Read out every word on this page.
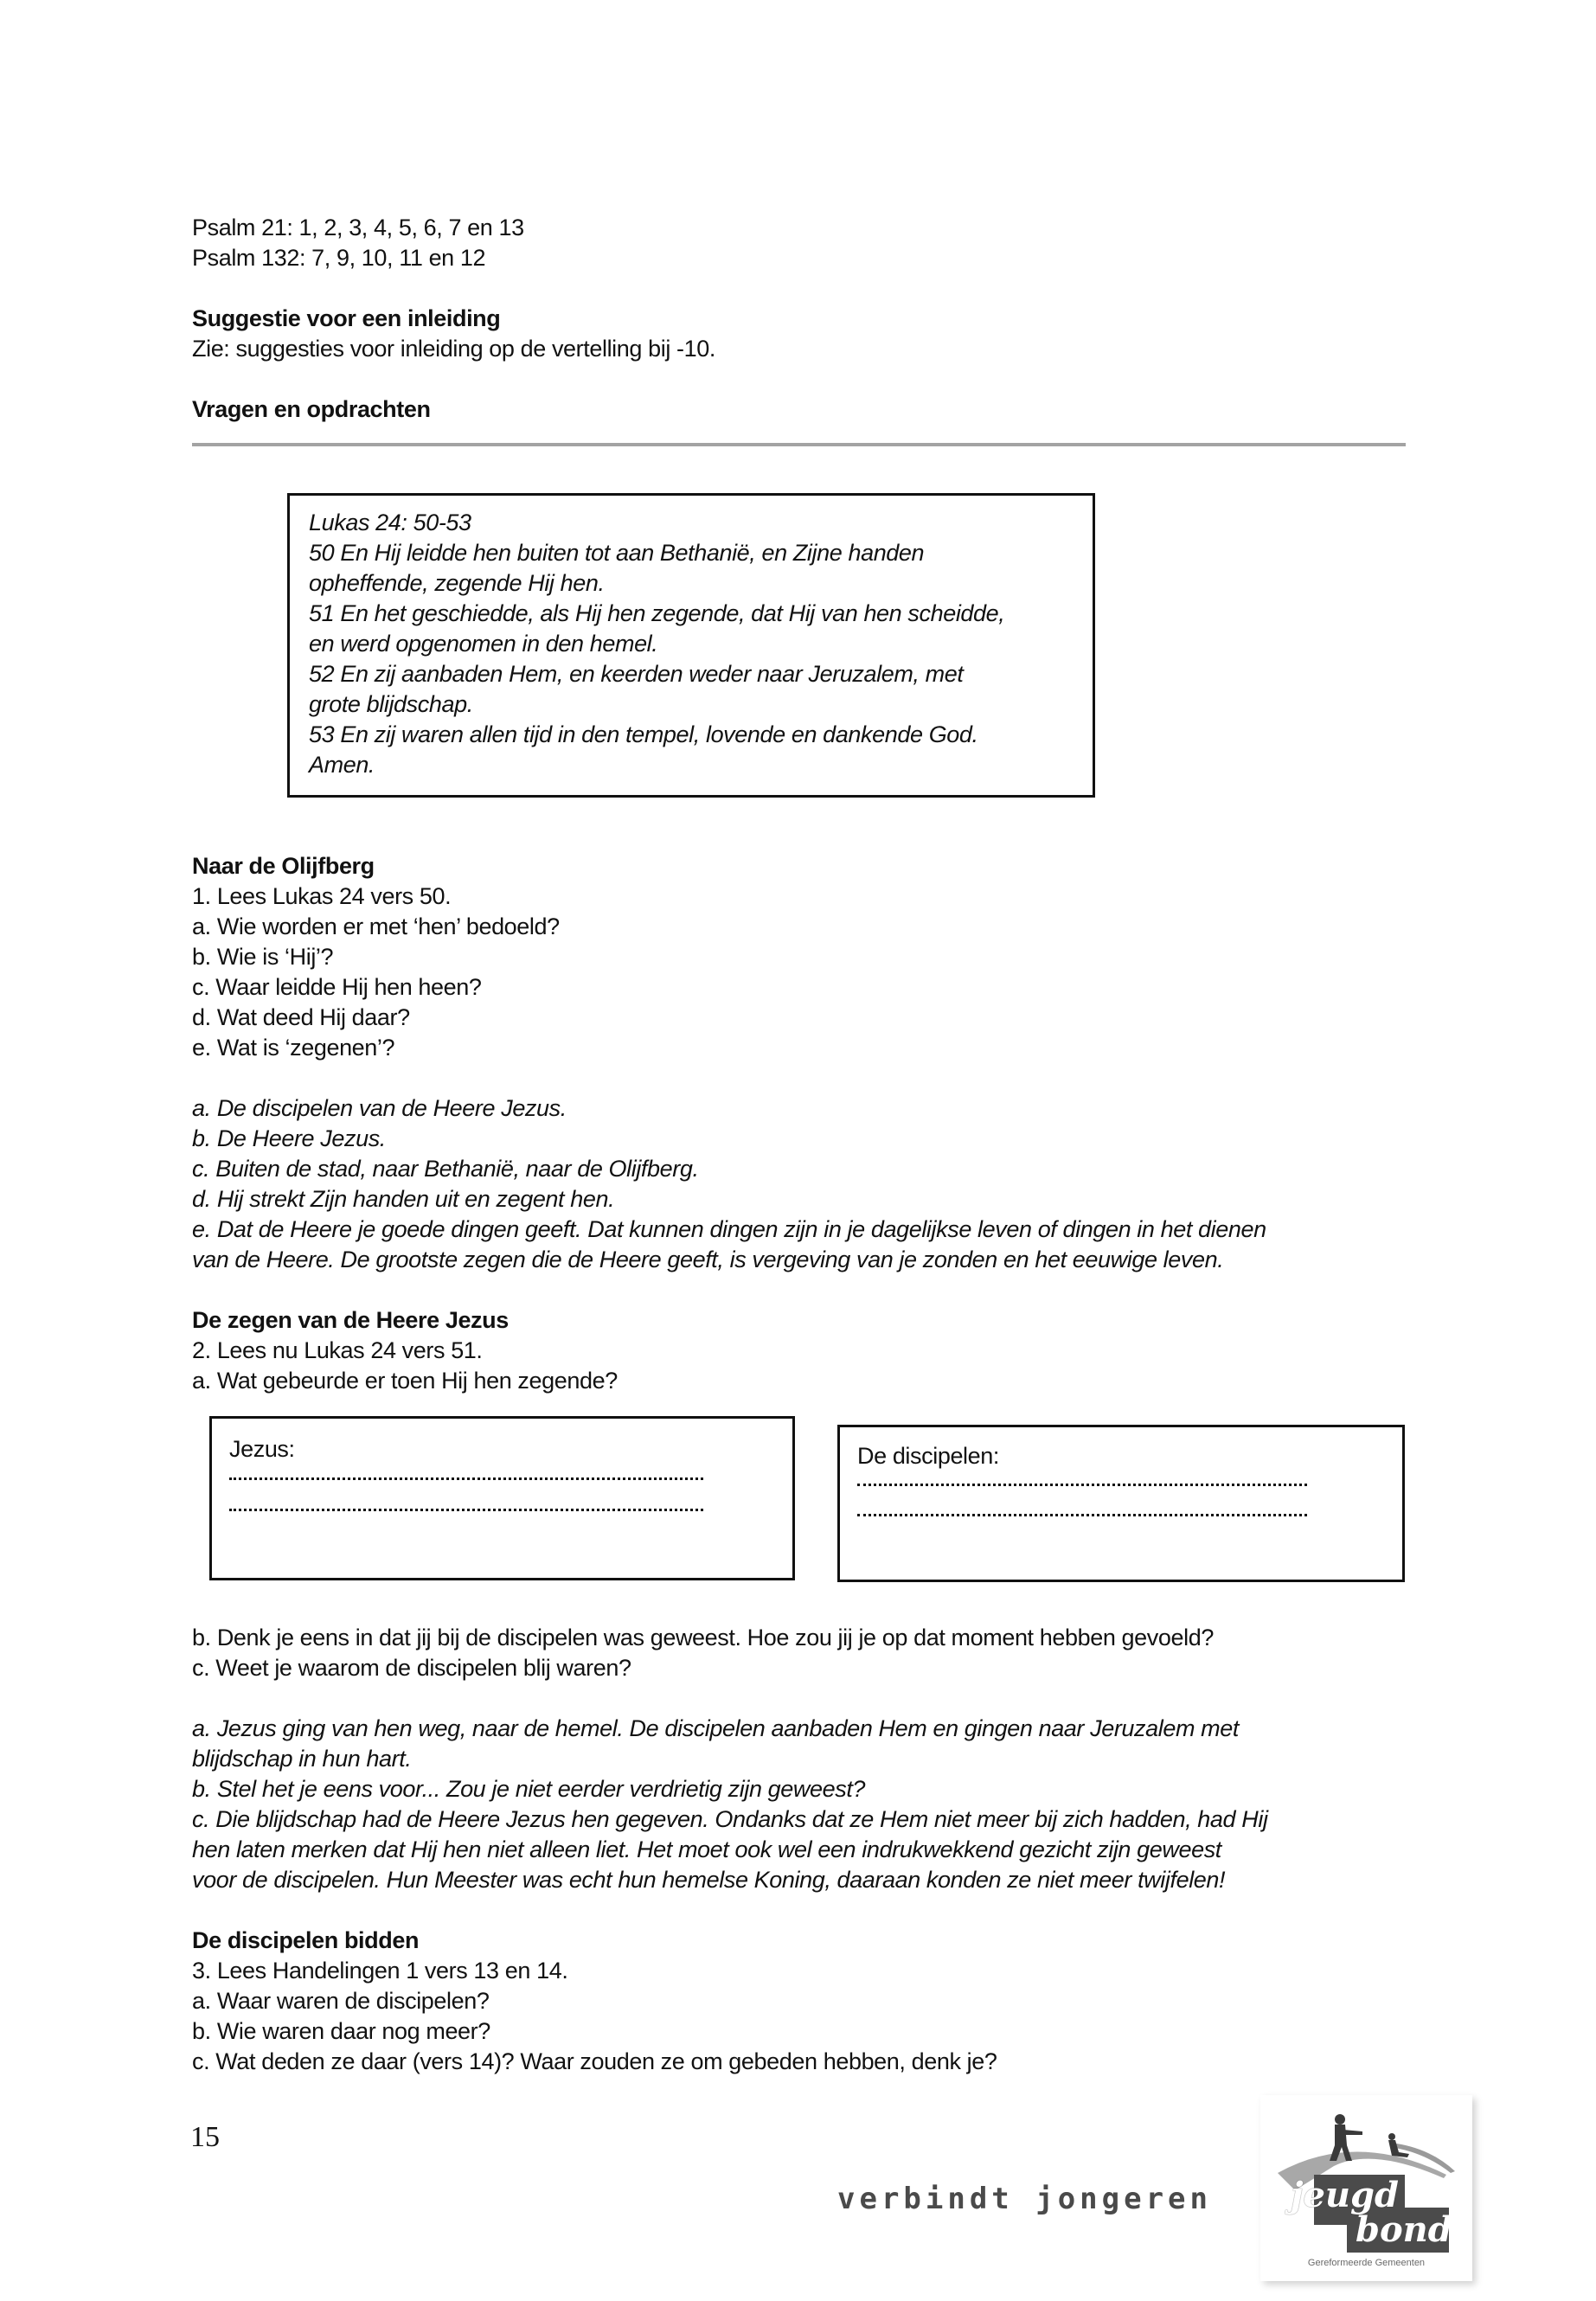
Psalm 21: 1, 2, 3, 4, 5, 6, 7 en 13
Psalm 132: 7, 9, 10, 11 en 12
Suggestie voor een inleiding
Zie: suggesties voor inleiding op de vertelling bij -10.
Vragen en opdrachten
Lukas 24: 50-53
50 En Hij leidde hen buiten tot aan Bethanië, en Zijne handen
opheffende, zegende Hij hen.
51 En het geschiedde, als Hij hen zegende, dat Hij van hen scheidde,
en werd opgenomen in den hemel.
52 En zij aanbaden Hem, en keerden weder naar Jeruzalem, met
grote blijdschap.
53 En zij waren allen tijd in den tempel, lovende en dankende God.
Amen.
Naar de Olijfberg
1. Lees Lukas 24 vers 50.
a. Wie worden er met ‘hen’ bedoeld?
b. Wie is ‘Hij’?
c. Waar leidde Hij hen heen?
d. Wat deed Hij daar?
e. Wat is ‘zegenen’?
a. De discipelen van de Heere Jezus.
b. De Heere Jezus.
c. Buiten de stad, naar Bethanië, naar de Olijfberg.
d. Hij strekt Zijn handen uit en zegent hen.
e. Dat de Heere je goede dingen geeft. Dat kunnen dingen zijn in je dagelijkse leven of dingen in het dienen
van de Heere. De grootste zegen die de Heere geeft, is vergeving van je zonden en het eeuwige leven.
De zegen van de Heere Jezus
2. Lees nu Lukas 24 vers 51.
a. Wat gebeurde er toen Hij hen zegende?
Jezus:	De discipelen:
b. Denk je eens in dat jij bij de discipelen was geweest. Hoe zou jij je op dat moment hebben gevoeld?
c. Weet je waarom de discipelen blij waren?
a. Jezus ging van hen weg, naar de hemel. De discipelen aanbaden Hem en gingen naar Jeruzalem met
blijdschap in hun hart.
b. Stel het je eens voor... Zou je niet eerder verdrietig zijn geweest?
c. Die blijdschap had de Heere Jezus hen gegeven. Ondanks dat ze Hem niet meer bij zich hadden, had Hij
hen laten merken dat Hij hen niet alleen liet. Het moet ook wel een indrukwekkend gezicht zijn geweest
voor de discipelen. Hun Meester was echt hun hemelse Koning, daaraan konden ze niet meer twijfelen!
De discipelen bidden
3. Lees Handelingen 1 vers 13 en 14.
a. Waar waren de discipelen?
b. Wie waren daar nog meer?
c. Wat deden ze daar (vers 14)? Waar zouden ze om gebeden hebben, denk je?
15
verbindt jongeren jeugd
bond
Gereformeerde Gemeenten
